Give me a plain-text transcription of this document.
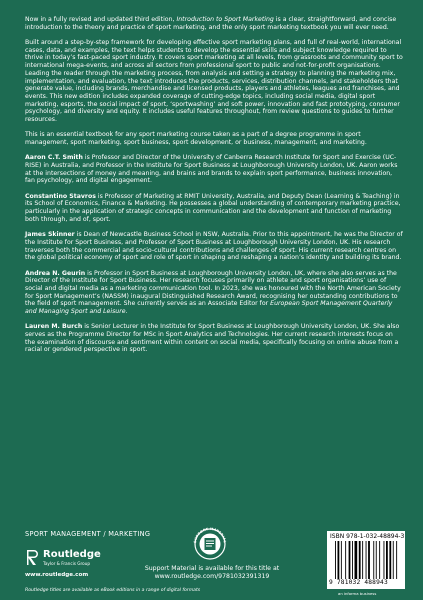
Now in a fully revised and updated third edition, Introduction to Sport Marketing is a clear, straightforward, and concise introduction to the theory and practice of sport marketing, and the only sport marketing textbook you will ever need.

Built around a step-by-step framework for developing effective sport marketing plans, and full of real-world, international cases, data, and examples, the text helps students to develop the essential skills and subject knowledge required to thrive in today’s fast-paced sport industry. It covers sport marketing at all levels, from grassroots and community sport to international mega-events, and across all sectors from professional sport to public and not-for-profit organisations. Leading the reader through the marketing process, from analysis and setting a strategy to planning the marketing mix, implementation, and evaluation, the text introduces the products, services, distribution channels, and stakeholders that generate value, including brands, merchandise and licensed products, players and athletes, leagues and franchises, and events. This new edition includes expanded coverage of cutting-edge topics, including social media, digital sport marketing, esports, the social impact of sport, ‘sportwashing’ and soft power, innovation and fast prototyping, consumer psychology, and diversity and equity. It includes useful features throughout, from review questions to guides to further resources.

This is an essential textbook for any sport marketing course taken as a part of a degree programme in sport management, sport marketing, sport business, sport development, or business, management, and marketing.

Aaron C.T. Smith is Professor and Director of the University of Canberra Research Institute for Sport and Exercise (UC-RISE) in Australia, and Professor in the Institute for Sport Business at Loughborough University London, UK. Aaron works at the intersections of money and meaning, and brains and brands to explain sport performance, business innovation, fan psychology, and digital engagement.

Constantino Stavros is Professor of Marketing at RMIT University, Australia, and Deputy Dean (Learning & Teaching) in its School of Economics, Finance & Marketing. He possesses a global understanding of contemporary marketing practice, particularly in the application of strategic concepts in communication and the development and function of marketing both through, and of, sport.

James Skinner is Dean of Newcastle Business School in NSW, Australia. Prior to this appointment, he was the Director of the Institute for Sport Business, and Professor of Sport Business at Loughborough University London, UK. His research traverses both the commercial and socio-cultural contributions and challenges of sport. His current research centres on the global political economy of sport and role of sport in shaping and reshaping a nation’s identity and building its brand.

Andrea N. Geurin is Professor in Sport Business at Loughborough University London, UK, where she also serves as the Director of the Institute for Sport Business. Her research focuses primarily on athlete and sport organisations’ use of social and digital media as a marketing communication tool. In 2023, she was honoured with the North American Society for Sport Management’s (NASSM) inaugural Distinguished Research Award, recognising her outstanding contributions to the field of sport management. She currently serves as an Associate Editor for European Sport Management Quarterly and Managing Sport and Leisure.

Lauren M. Burch is Senior Lecturer in the Institute for Sport Business at Loughborough University London, UK. She also serves as the Programme Director for MSc in Sport Analytics and Technologies. Her current research interests focus on the examination of discourse and sentiment within content on social media, specifically focusing on online abuse from a racial or gendered perspective in sport.

SPORT MANAGEMENT / MARKETING
Routledge
Taylor & Francis Group
www.routledge.com
Routledge titles are available as eBook editions in a range of digital formats
SUPPORT MATERIAL
Support Material is available for this title at
www.routledge.com/9781032391319
ISBN 978-1-032-48894-3
9 781032 488943
an informa business
